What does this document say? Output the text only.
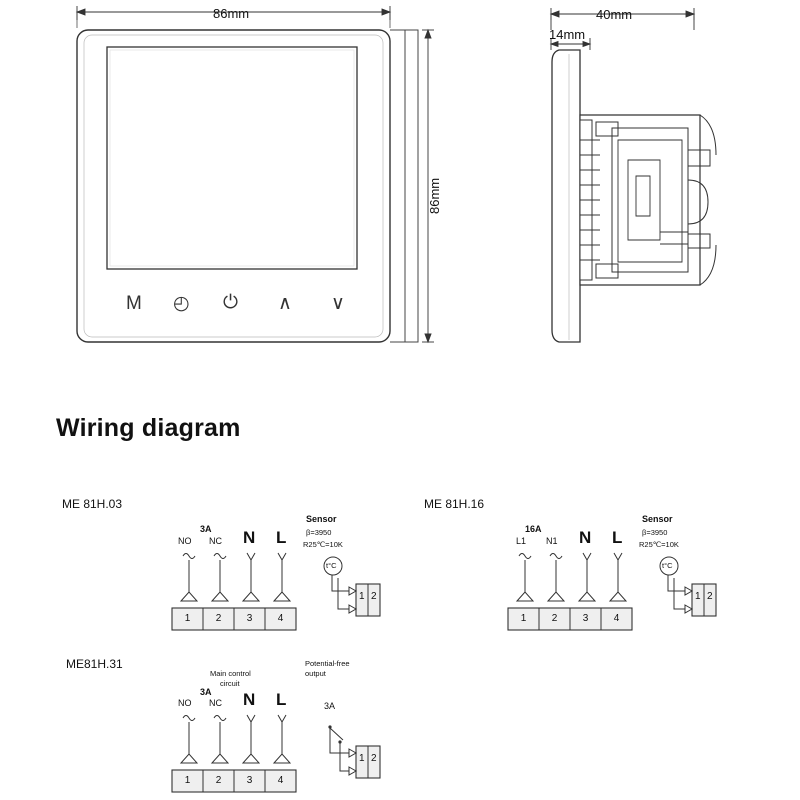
86mm
86mm
40mm
14mm
M ◴ ⏻ ∧ ∨
Wiring diagram
ME 81H.03
3A
NO NC N L
1	2	3	4
Sensor
β=3950
R25℃=10K
t°C
1 2
ME 81H.16
16A
L1 N1 N L
1	2	3	4
Sensor
β=3950
R25℃=10K
t°C
1 2
ME81H.31
Main control
circuit
3A
NO NC N L
1	2	3	4
Potential-free
output
3A
1 2
